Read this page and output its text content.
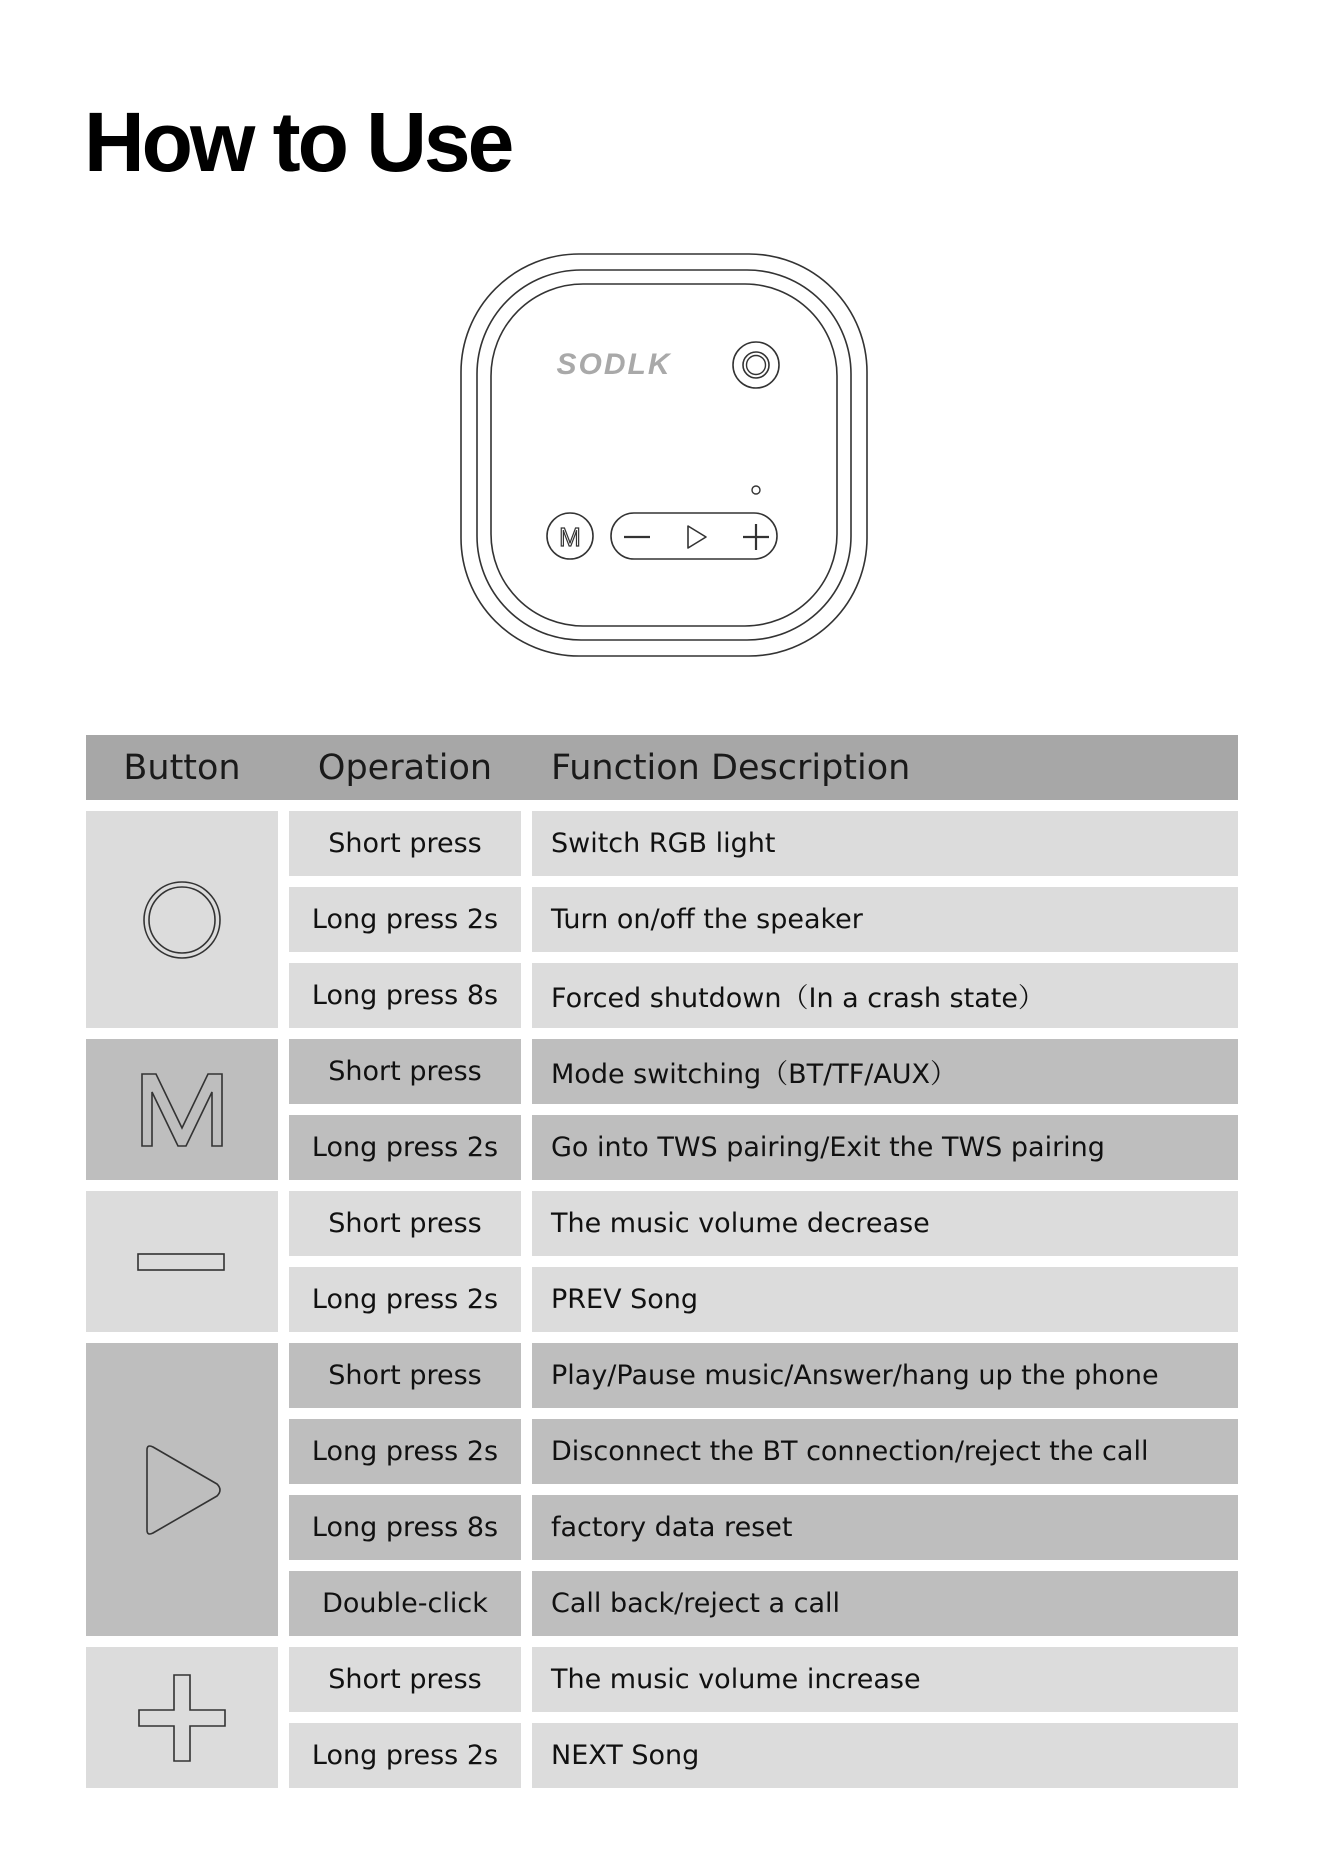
How to Use
SODLK
M
Button	Operation	Function Description
Short press	Switch RGB light
Long press 2s	Turn on/off the speaker
Long press 8s	Forced shutdown（In a crash state）
Short press	Mode switching（BT/TF/AUX）
Long press 2s	Go into TWS pairing/Exit the TWS pairing
Short press	The music volume decrease
Long press 2s	PREV Song
Short press	Play/Pause music/Answer/hang up the phone
Long press 2s	Disconnect the BT connection/reject the call
Long press 8s	factory data reset
Double-click	Call back/reject a call
Short press	The music volume increase
Long press 2s	NEXT Song
